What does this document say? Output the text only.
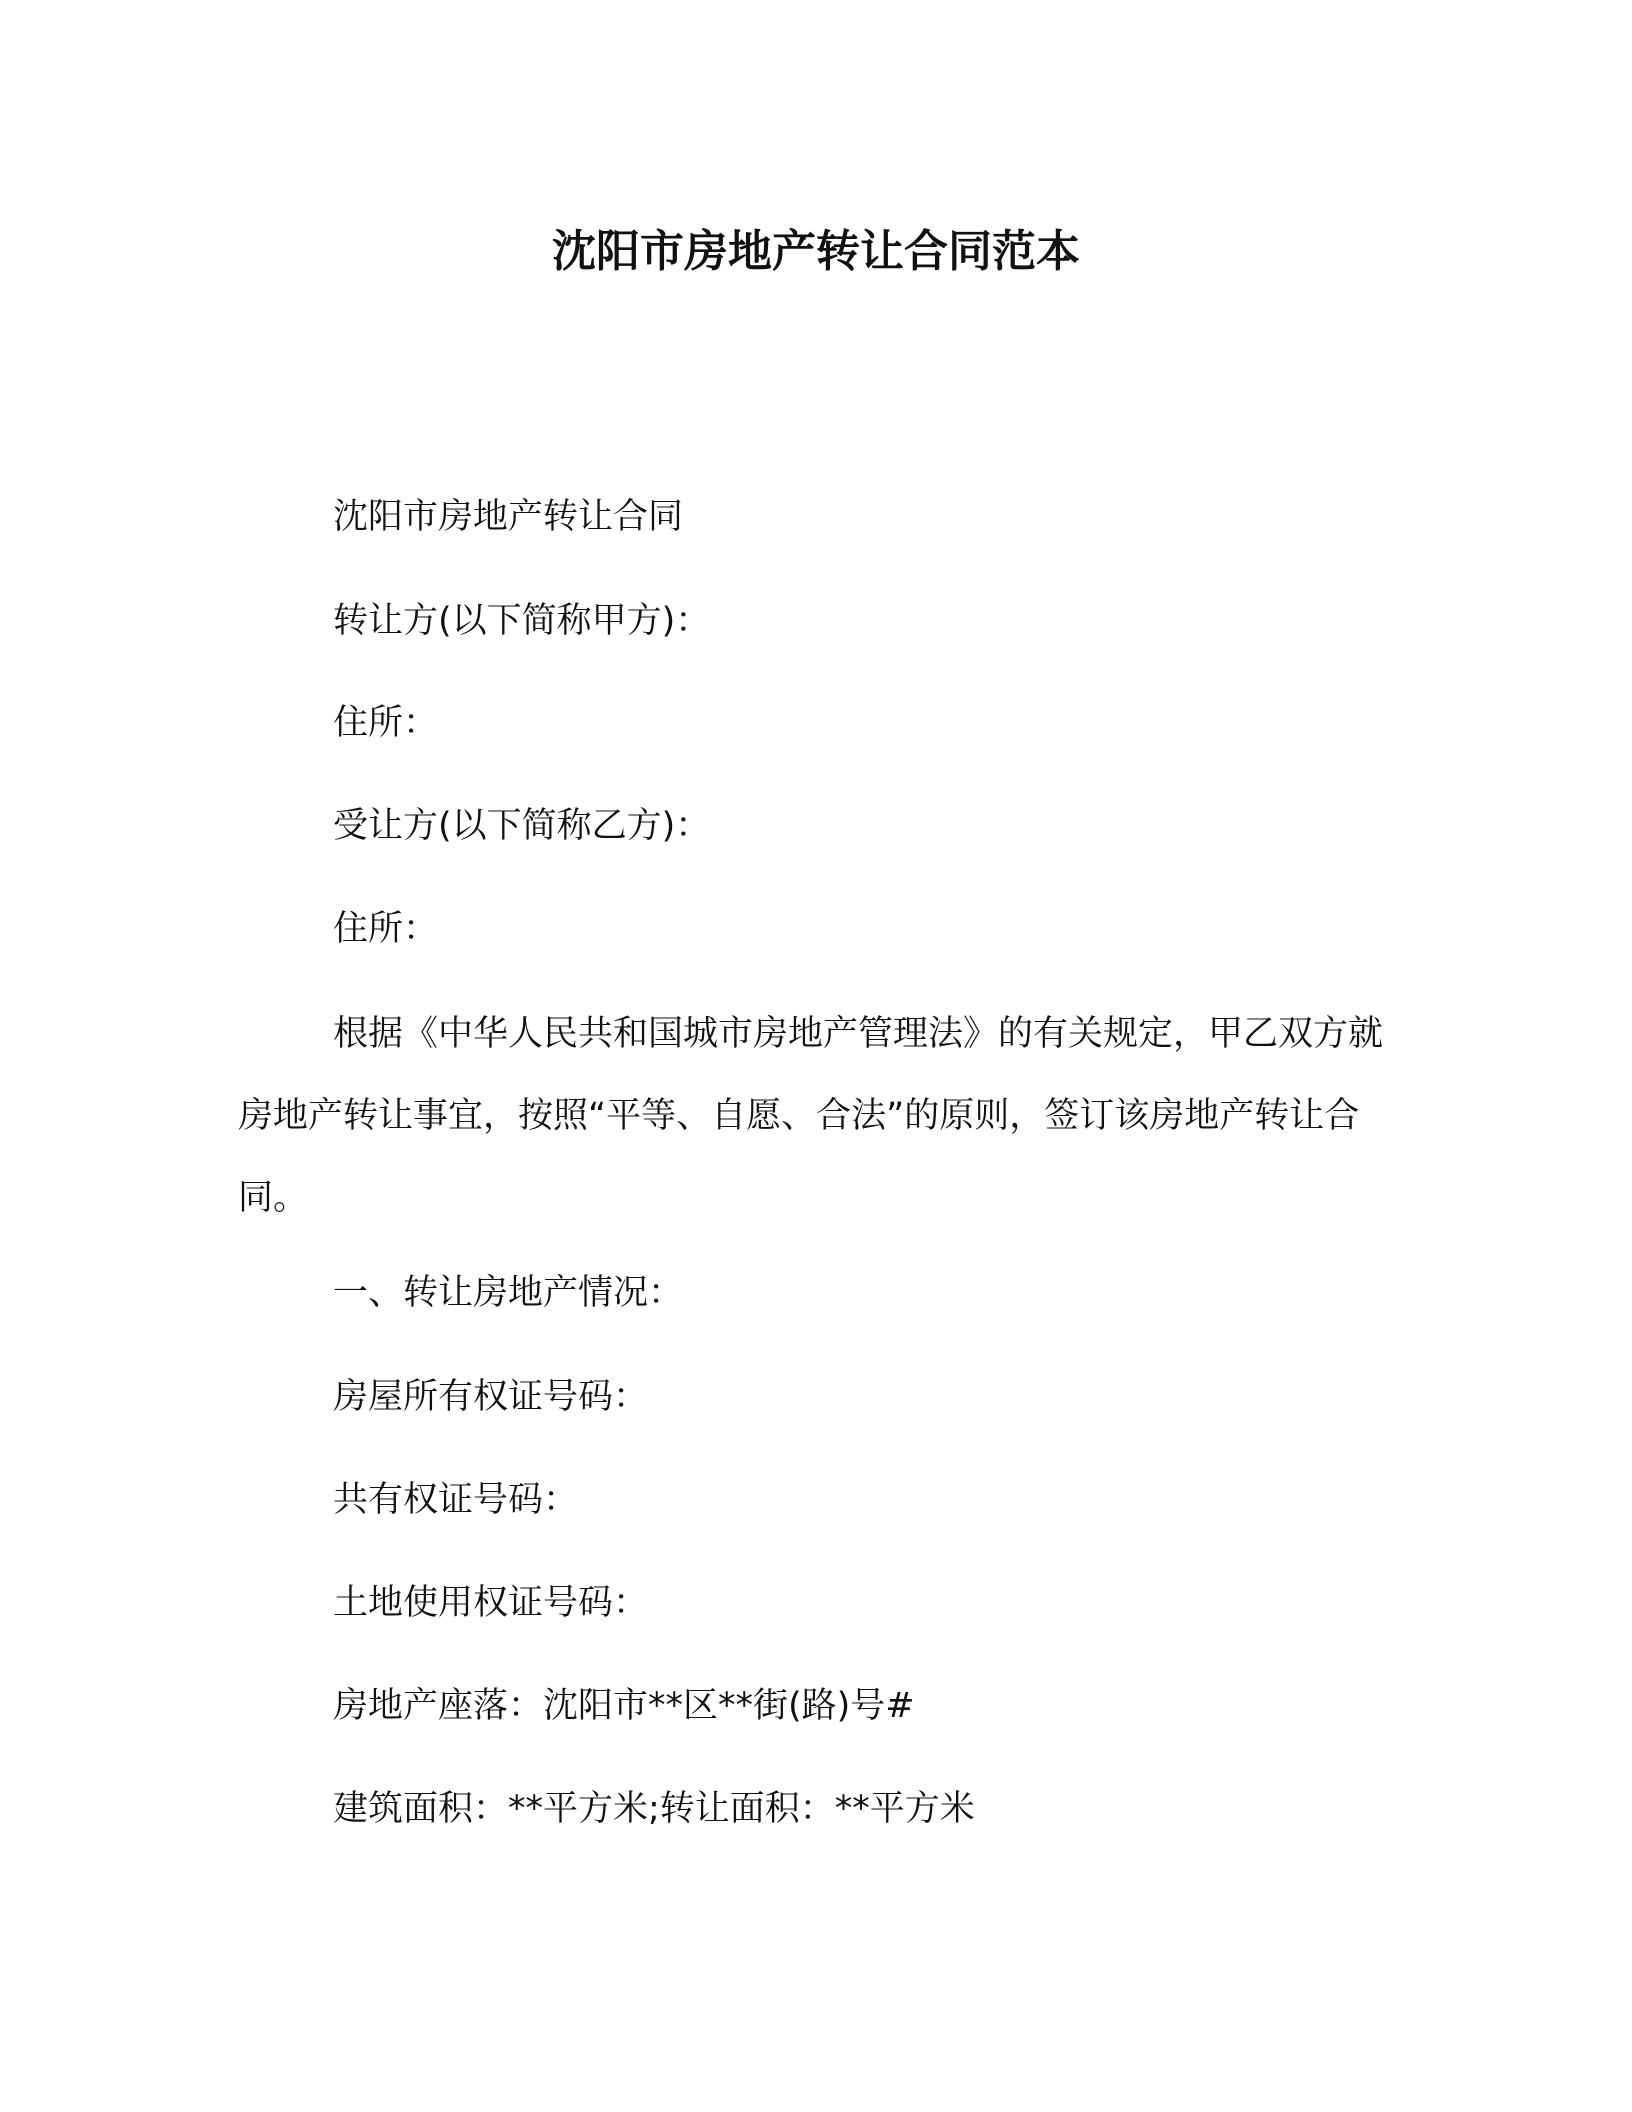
沈阳市房地产转让合同范本
沈阳市房地产转让合同
转让方(以下简称甲方)：
住所：
受让方(以下简称乙方)：
住所：
根据《中华人民共和国城市房地产管理法》的有关规定，甲乙双方就房地产转让事宜，按照“平等、自愿、合法”的原则，签订该房地产转让合同。
一、转让房地产情况：
房屋所有权证号码：
共有权证号码：
土地使用权证号码：
房地产座落：沈阳市**区**街(路)号#
建筑面积：**平方米;转让面积：**平方米
